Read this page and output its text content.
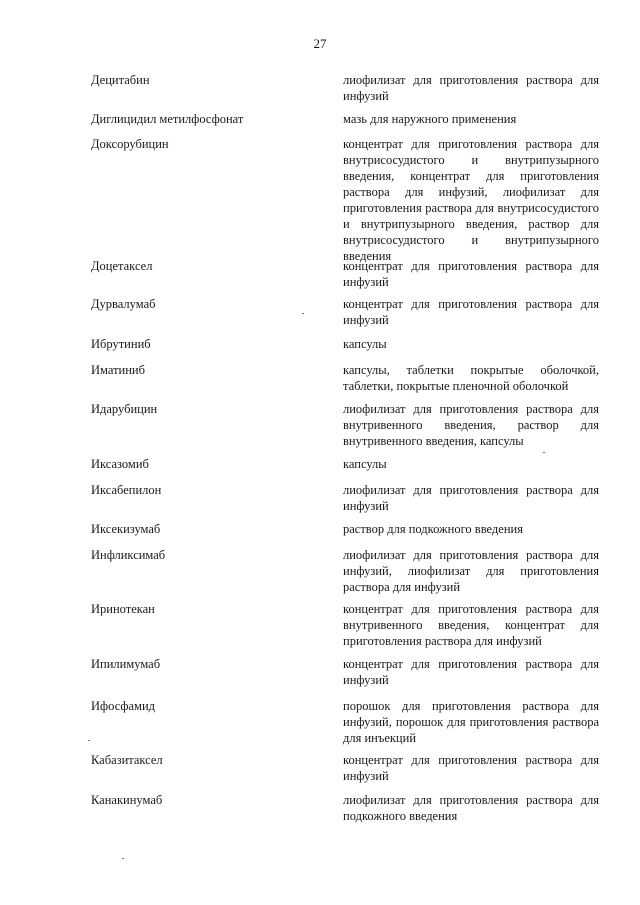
27
Децитабин	лиофилизат для приготовления раствора для инфузий
Диглицидил метилфосфонат	мазь для наружного применения
Доксорубицин	концентрат для приготовления раствора для внутрисосудистого и внутрипузырного введения, концентрат для приготовления раствора для инфузий, лиофилизат для приготовления раствора для внутрисосудистого и внутрипузырного введения, раствор для внутрисосудистого и внутрипузырного введения
Доцетаксел	концентрат для приготовления раствора для инфузий
Дурвалумаб	концентрат для приготовления раствора для инфузий
Ибрутиниб	капсулы
Иматиниб	капсулы, таблетки покрытые оболочкой, таблетки, покрытые пленочной оболочкой
Идарубицин	лиофилизат для приготовления раствора для внутривенного введения, раствор для внутривенного введения, капсулы
Иксазомиб	капсулы
Иксабепилон	лиофилизат для приготовления раствора для инфузий
Иксекизумаб	раствор для подкожного введения
Инфликсимаб	лиофилизат для приготовления раствора для инфузий, лиофилизат для приготовления раствора для инфузий
Иринотекан	концентрат для приготовления раствора для внутривенного введения, концентрат для приготовления раствора для инфузий
Ипилимумаб	концентрат для приготовления раствора для инфузий
Ифосфамид	порошок для приготовления раствора для инфузий, порошок для приготовления раствора для инъекций
Кабазитаксел	концентрат для приготовления раствора для инфузий
Канакинумаб	лиофилизат для приготовления раствора для подкожного введения
